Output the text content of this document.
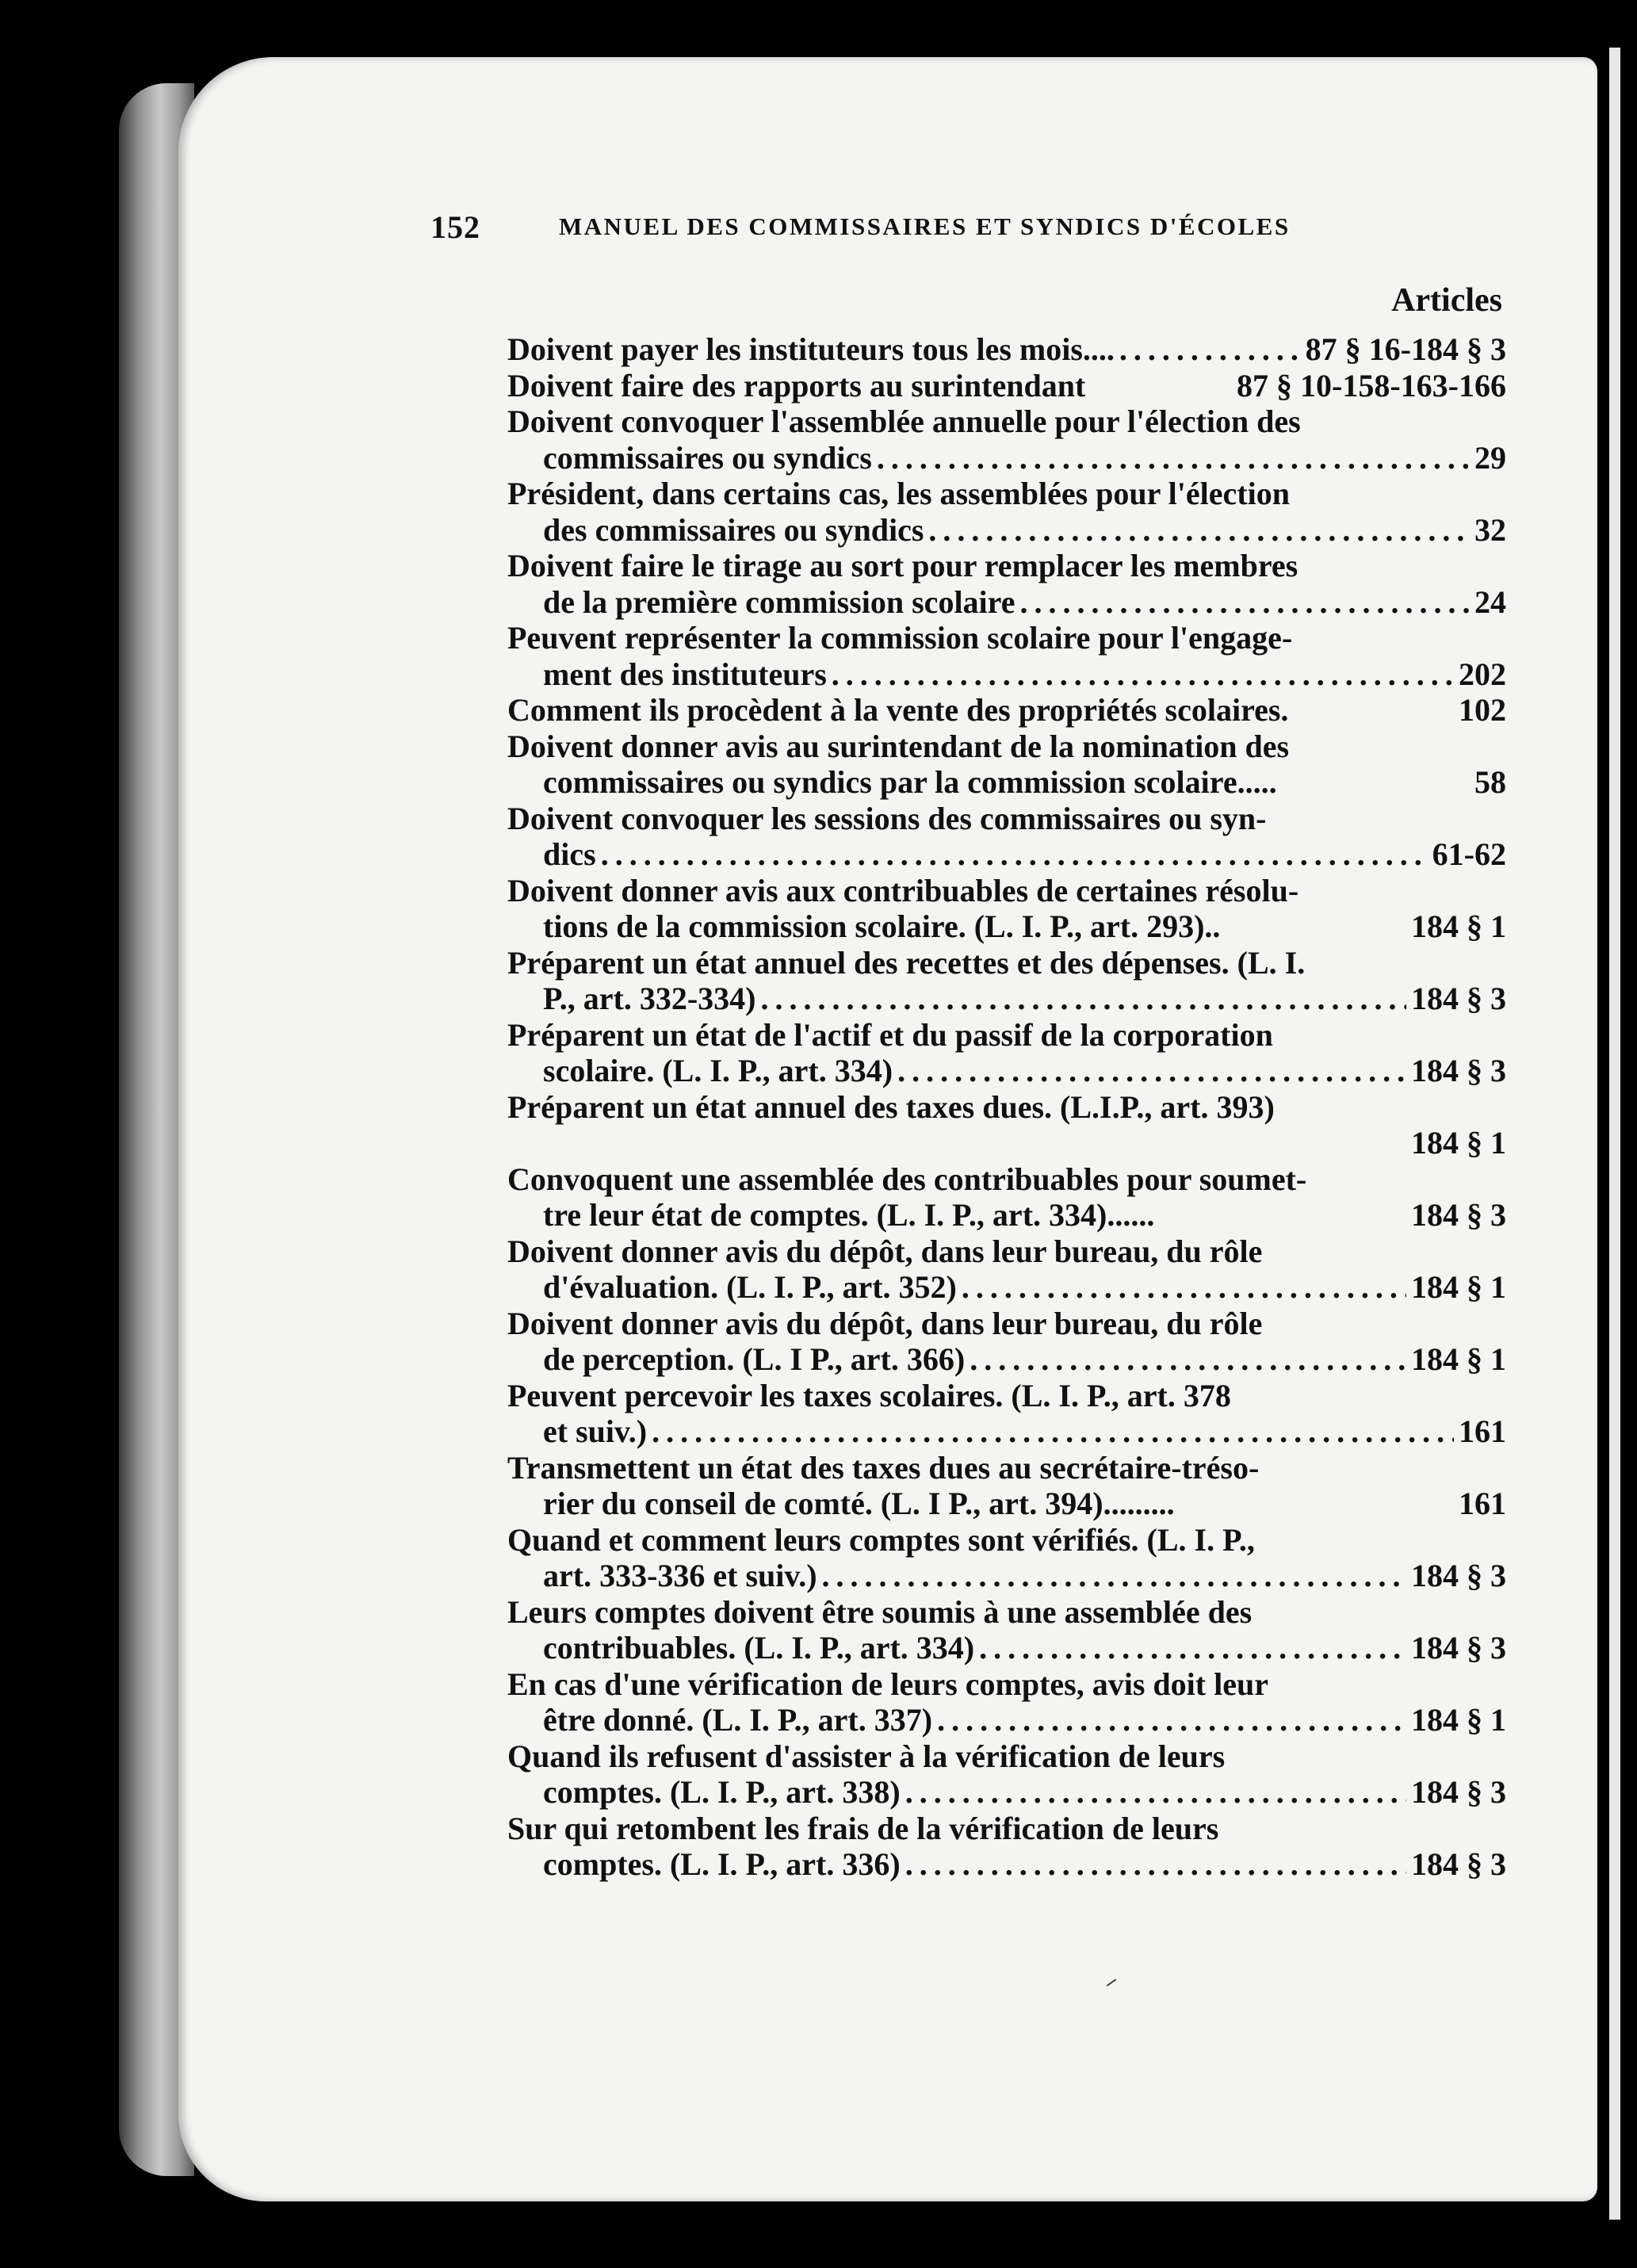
152	MANUEL DES COMMISSAIRES ET SYNDICS D'ÉCOLES
Articles
Doivent payer les instituteurs tous les mois.... . . .	87 § 16-184 § 3
Doivent faire des rapports au surintendant	87 § 10-158-163-166
Doivent convoquer l'assemblée annuelle pour l'élection des
commissaires ou syndics . . .	29
Président, dans certains cas, les assemblées pour l'élection
des commissaires ou syndics . . .	32
Doivent faire le tirage au sort pour remplacer les membres
de la première commission scolaire . . .	24
Peuvent représenter la commission scolaire pour l'engage-
ment des instituteurs . . .	202
Comment ils procèdent à la vente des propriétés scolaires.	102
Doivent donner avis au surintendant de la nomination des
commissaires ou syndics par la commission scolaire.....	58
Doivent convoquer les sessions des commissaires ou syn-
dics . . .	61-62
Doivent donner avis aux contribuables de certaines résolu-
tions de la commission scolaire. (L. I. P., art. 293)..	184 § 1
Préparent un état annuel des recettes et des dépenses. (L. I.
P., art. 332-334) . . .	184 § 3
Préparent un état de l'actif et du passif de la corporation
scolaire. (L. I. P., art. 334) . . .	184 § 3
Préparent un état annuel des taxes dues. (L.I.P., art. 393)
184 § 1
Convoquent une assemblée des contribuables pour soumet-
tre leur état de comptes. (L. I. P., art. 334)......	184 § 3
Doivent donner avis du dépôt, dans leur bureau, du rôle
d'évaluation. (L. I. P., art. 352) . . .	184 § 1
Doivent donner avis du dépôt, dans leur bureau, du rôle
de perception. (L. I P., art. 366) . . .	184 § 1
Peuvent percevoir les taxes scolaires. (L. I. P., art. 378
et suiv.) . . .	161
Transmettent un état des taxes dues au secrétaire-tréso-
rier du conseil de comté. (L. I P., art. 394).........	161
Quand et comment leurs comptes sont vérifiés. (L. I. P.,
art. 333-336 et suiv.) . . .	184 § 3
Leurs comptes doivent être soumis à une assemblée des
contribuables. (L. I. P., art. 334) . . .	184 § 3
En cas d'une vérification de leurs comptes, avis doit leur
être donné. (L. I. P., art. 337) . . .	184 § 1
Quand ils refusent d'assister à la vérification de leurs
comptes. (L. I. P., art. 338) . . .	184 § 3
Sur qui retombent les frais de la vérification de leurs
comptes. (L. I. P., art. 336) . . .	184 § 3
